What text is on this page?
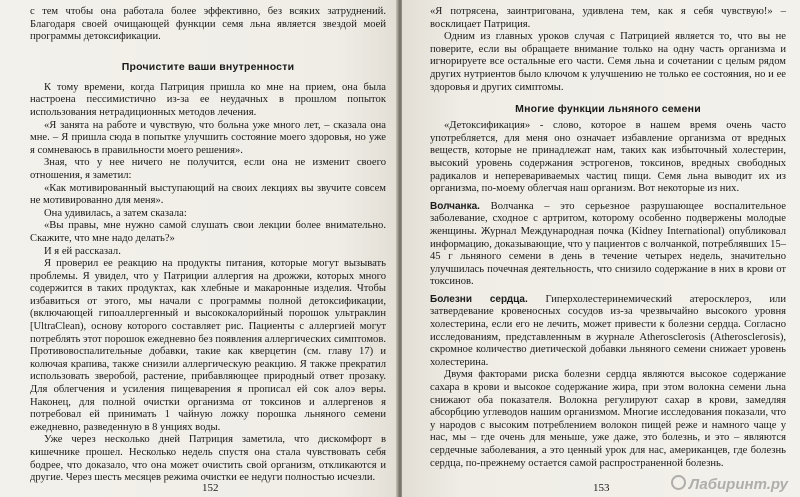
с тем чтобы она работала более эффективно, без всяких затруднений. Благодаря своей очищающей функции семя льна является звездой моей программы детоксификации.

Прочистите ваши внутренности

К тому времени, когда Патриция пришла ко мне на прием, она была настроена пессимистично из-за ее неудачных в прошлом попыток использования нетрадиционных методов лечения.

«Я занята на работе и чувствую, что больна уже много лет, – сказала она мне. – Я пришла сюда в попытке улучшить состояние моего здоровья, но уже я сомневаюсь в правильности моего решения».

Зная, что у нее ничего не получится, если она не изменит своего отношения, я заметил:

«Как мотивированный выступающий на своих лекциях вы звучите совсем не мотивированно для меня».

Она удивилась, а затем сказала:

«Вы правы, мне нужно самой слушать свои лекции более внимательно. Скажите, что мне надо делать?»

И я ей рассказал.

Я проверил ее реакцию на продукты питания, которые могут вызывать проблемы. Я увидел, что у Патриции аллергия на дрожжи, которых много содержится в таких продуктах, как хлебные и макаронные изделия. Чтобы избавиться от этого, мы начали с программы полной детоксификации, (включающей гипоаллергенный и высококалорийный порошок ультраклин [UltraClean), основу которого составляет рис. Пациенты с аллергией могут потреблять этот порошок ежедневно без появления аллергических симптомов. Противовоспалительные добавки, такие как кверцетин (см. главу 17) и колючая крапива, также снизили аллергическую реакцию. Я также прекратил использовать зверобой, растение, прибавляющее природный ответ прозаку. Для облегчения и усиления пищеварения я прописал ей сок алоэ веры. Наконец, для полной очистки организма от токсинов и аллергенов я потребовал ей принимать 1 чайную ложку порошка льняного семени ежедневно, разведенную в 8 унциях воды.

Уже через несколько дней Патриция заметила, что дискомфорт в кишечнике прошел. Несколько недель спустя она стала чувствовать себя бодрее, что доказало, что она может очистить свой организм, откликаются и другие. Через шесть месяцев режима очистки ее недуги полностью исчезли.

152

«Я потрясена, заинтригована, удивлена тем, как я себя чувствую!» – восклицает Патриция.

Одним из главных уроков случая с Патрицией является то, что вы не поверите, если вы обращаете внимание только на одну часть организма и игнорируете все остальные его части. Семя льна и сочетании с целым рядом других нутриентов было ключом к улучшению не только ее состояния, но и ее здоровья и других симптомы.

Многие функции льняного семени

«Детоксификация» - слово, которое в нашем время очень часто употребляется, для меня оно означает избавление организма от вредных веществ, которые не принадлежат нам, таких как избыточный холестерин, высокий уровень содержания эстрогенов, токсинов, вредных свободных радикалов и неперевариваемых частиц пищи. Семя льна выводит их из организма, по-моему облегчая наш организм. Вот некоторые из них.

Волчанка. Волчанка – это серьезное разрушающее воспалительное заболевание, сходное с артритом, которому особенно подвержены молодые женщины. Журнал Международная почка (Kidney International) опубликовал информацию, доказывающие, что у пациентов с волчанкой, потреблявших 15–45 г льняного семени в день в течение четырех недель, значительно улучшилась почечная деятельность, что снизило содержание в них в крови от токсинов.

Болезни сердца. Гиперхолестеринемический атеросклероз, или затвердевание кровеносных сосудов из-за чрезвычайно высокого уровня холестерина, если его не лечить, может привести к болезни сердца. Согласно исследованиям, представленным в журнале Atherosclerosis (Atherosclerosis), скромное количество диетической добавки льняного семени снижает уровень холестерина.

Двумя факторами риска болезни сердца являются высокое содержание сахара в крови и высокое содержание жира, при этом волокна семени льна снижают оба показателя. Волокна регулируют сахар в крови, замедляя абсорбцию углеводов нашим организмом. Многие исследования показали, что у народов с высоким потреблением волокон пищей реже и намного чаще у нас, мы – где очень для меньше, уже даже, это болезнь, и это – являются сердечные заболевания, а это ценный урок для нас, американцев, где болезнь сердца, по-прежнему остается самой распространенной болезнь.

153	Лабиринт.ру
